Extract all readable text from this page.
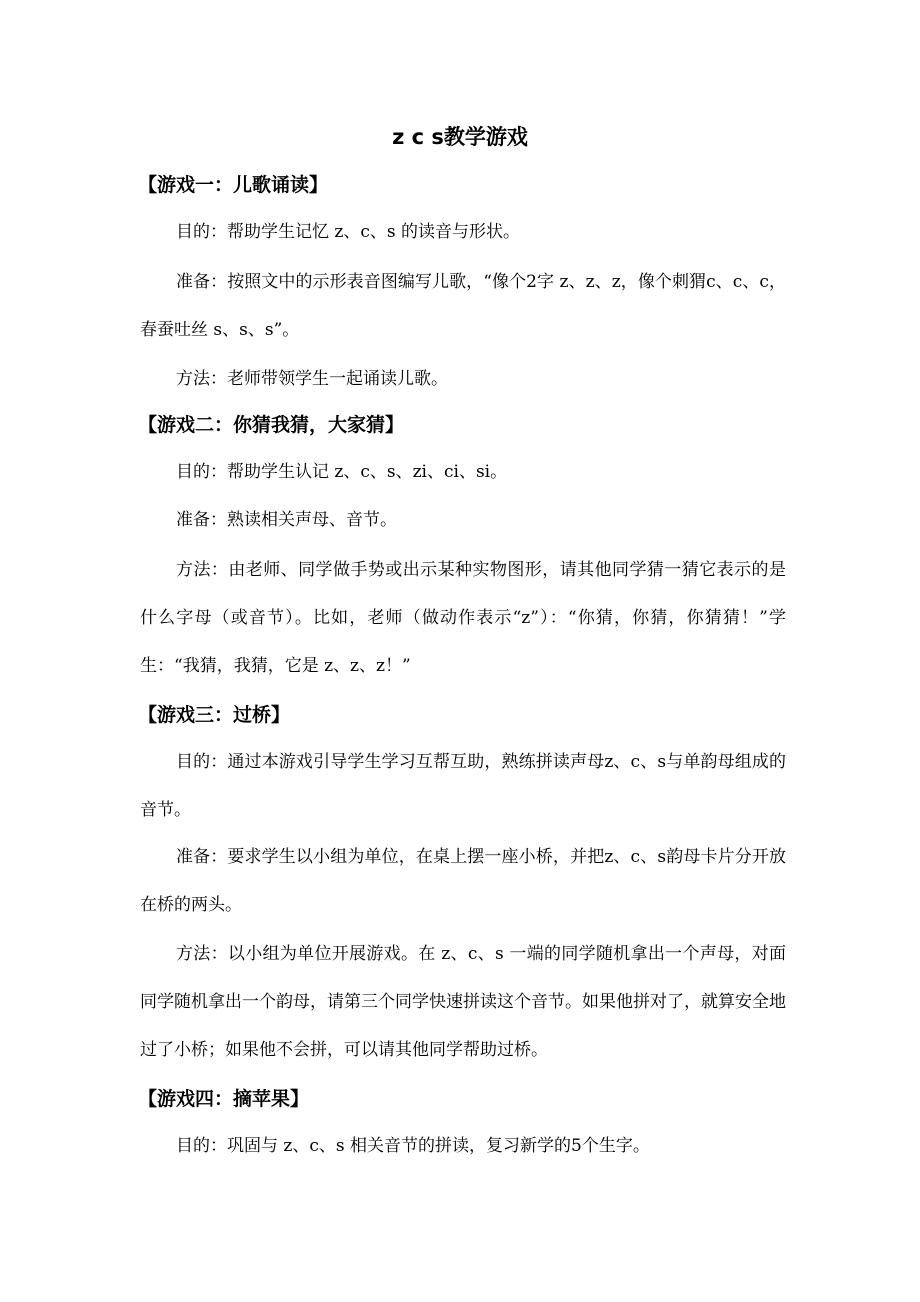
z c s教学游戏
【游戏一：儿歌诵读】
目的：帮助学生记忆 z、c、s 的读音与形状。
准备：按照文中的示形表音图编写儿歌，“像个2字 z、z、z，像个刺猬c、c、c，春蚕吐丝 s、s、s”。
方法：老师带领学生一起诵读儿歌。
【游戏二：你猜我猜，大家猜】
目的：帮助学生认记 z、c、s、zi、ci、si。
准备：熟读相关声母、音节。
方法：由老师、同学做手势或出示某种实物图形，请其他同学猜一猜它表示的是什么字母（或音节）。比如，老师（做动作表示“z”）：“你猜，你猜，你猜猜！”学生：“我猜，我猜，它是 z、z、z！”
【游戏三：过桥】
目的：通过本游戏引导学生学习互帮互助，熟练拼读声母z、c、s与单韵母组成的音节。
准备：要求学生以小组为单位，在桌上摆一座小桥，并把z、c、s韵母卡片分开放在桥的两头。
方法：以小组为单位开展游戏。在 z、c、s 一端的同学随机拿出一个声母，对面同学随机拿出一个韵母，请第三个同学快速拼读这个音节。如果他拼对了，就算安全地过了小桥；如果他不会拼，可以请其他同学帮助过桥。
【游戏四：摘苹果】
目的：巩固与 z、c、s 相关音节的拼读，复习新学的5个生字。
